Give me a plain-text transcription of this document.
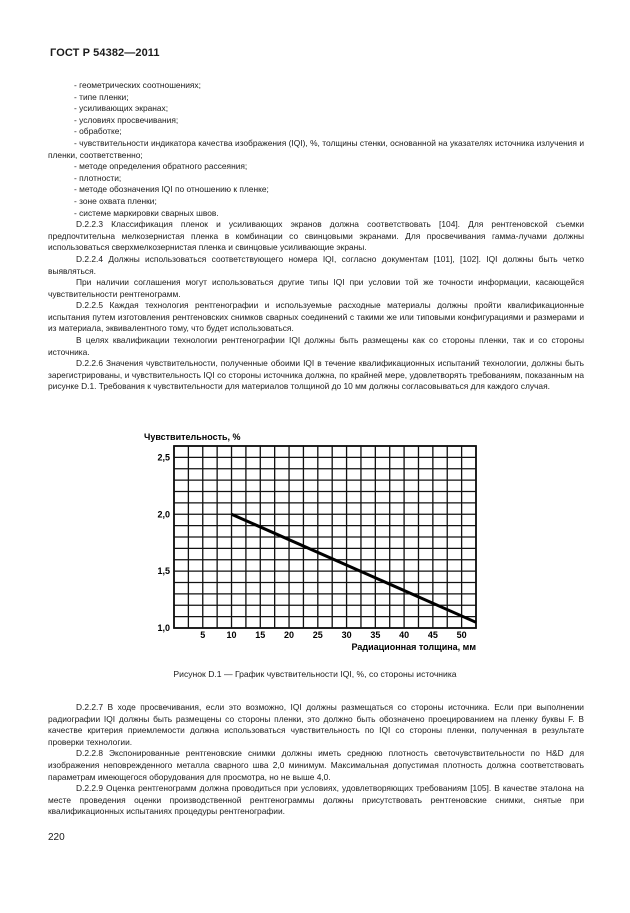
ГОСТ Р 54382—2011

- геометрических соотношениях;

- типе пленки;

- усиливающих экранах;

- условиях просвечивания;

- обработке;

- чувствительности индикатора качества изображения (IQI), %, толщины стенки, основанной на указателях источника излучения и пленки, соответственно;

- методе определения обратного рассеяния;

- плотности;

- методе обозначения IQI по отношению к пленке;

- зоне охвата пленки;

- системе маркировки сварных швов.

D.2.2.3 Классификация пленок и усиливающих экранов должна соответствовать [104]. Для рентгеновской съемки предпочтительна мелкозернистая пленка в комбинации со свинцовыми экранами. Для просвечивания гамма-лучами должны использоваться сверхмелкозернистая пленка и свинцовые усиливающие экраны.

D.2.2.4 Должны использоваться соответствующего номера IQI, согласно документам [101], [102]. IQI должны быть четко выявляться.

При наличии соглашения могут использоваться другие типы IQI при условии той же точности информации, касающейся чувствительности рентгенограмм.

D.2.2.5 Каждая технология рентгенографии и используемые расходные материалы должны пройти квалификационные испытания путем изготовления рентгеновских снимков сварных соединений с такими же или типовыми конфигурациями и размерами и из материала, эквивалентного тому, что будет использоваться.

В целях квалификации технологии рентгенографии IQI должны быть размещены как со стороны пленки, так и со стороны источника.

D.2.2.6 Значения чувствительности, полученные обоими IQI в течение квалификационных испытаний технологии, должны быть зарегистрированы, и чувствительность IQI со стороны источника должна, по крайней мере, удовлетворять требованиям, показанным на рисунке D.1. Требования к чувствительности для материалов толщиной до 10 мм должны согласовываться для каждого случая.

1,0
1,5
2,0
2,5
5 10 15 20 25 30 35 40 45 50
Чувствительность, %
Радиационная толщина, мм
Рисунок D.1 — График чувствительности IQI, %, со стороны источника

D.2.2.7 В ходе просвечивания, если это возможно, IQI должны размещаться со стороны источника. Если при выполнении радиографии IQI должны быть размещены со стороны пленки, это должно быть обозначено проецированием на пленку буквы F. В качестве критерия приемлемости должна использоваться чувствительность по IQI со стороны пленки, полученная в результате проверки технологии.

D.2.2.8 Экспонированные рентгеновские снимки должны иметь среднюю плотность светочувствительности по H&D для изображения неповрежденного металла сварного шва 2,0 минимум. Максимальная допустимая плотность должна соответствовать параметрам имеющегося оборудования для просмотра, но не выше 4,0.

D.2.2.9 Оценка рентгенограмм должна проводиться при условиях, удовлетворяющих требованиям [105]. В качестве эталона на месте проведения оценки производственной рентгенограммы должны присутствовать рентгеновские снимки, снятые при квалификационных испытаниях процедуры рентгенографии.

220
